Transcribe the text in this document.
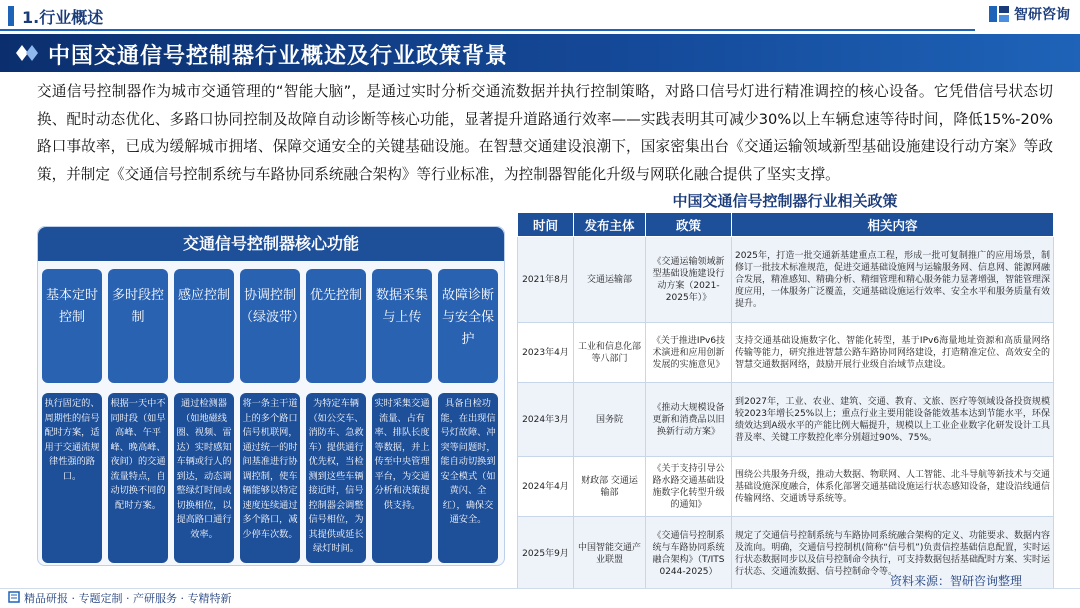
1.行业概述	智研咨询
中国交通信号控制器行业概述及行业政策背景
交通信号控制器作为城市交通管理的“智能大脑”，是通过实时分析交通流数据并执行控制策略，对路口信号灯进行精准调控的核心设备。它凭借信号状态切换、配时动态优化、多路口协同控制及故障自动诊断等核心功能，显著提升道路通行效率——实践表明其可减少30%以上车辆怠速等待时间，降低15%-20%路口事故率，已成为缓解城市拥堵、保障交通安全的关键基础设施。在智慧交通建设浪潮下，国家密集出台《交通运输领域新型基础设施建设行动方案》等政策，并制定《交通信号控制系统与车路协同系统融合架构》等行业标准，为控制器智能化升级与网联化融合提供了坚实支撑。
交通信号控制器核心功能
基本定时控制
执行固定的、周期性的信号配时方案，适用于交通流规律性强的路口。
多时段控制
根据一天中不同时段（如早高峰、午平峰、晚高峰、夜间）的交通流量特点，自动切换不同的配时方案。
感应控制
通过检测器（如地磁线圈、视频、雷达）实时感知车辆或行人的到达，动态调整绿灯时间或切换相位，以提高路口通行效率。
协调控制（绿波带）
将一条主干道上的多个路口信号机联网，通过统一的时间基准进行协调控制，使车辆能够以特定速度连续通过多个路口，减少停车次数。
优先控制
为特定车辆（如公交车、消防车、急救车）提供通行优先权，当检测到这些车辆接近时，信号控制器会调整信号相位，为其提供或延长绿灯时间。
数据采集与上传
实时采集交通流量、占有率、排队长度等数据，并上传至中央管理平台，为交通分析和决策提供支持。
故障诊断与安全保护
具备自检功能，在出现信号灯故障、冲突等问题时，能自动切换到安全模式（如黄闪、全红），确保交通安全。
中国交通信号控制器行业相关政策
时间	发布主体	政策	相关内容
2021年8月	交通运输部	《交通运输领域新型基础设施建设行动方案（2021-2025年）》	2025年，打造一批交通新基建重点工程，形成一批可复制推广的应用场景，制修订一批技术标准规范，促进交通基础设施网与运输服务网、信息网、能源网融合发展，精准感知、精确分析、精细管理和精心服务能力显著增强，智能管理深度应用，一体服务广泛覆盖，交通基础设施运行效率、安全水平和服务质量有效提升。
2023年4月	工业和信息化部等八部门	《关于推进IPv6技术演进和应用创新发展的实施意见》	支持交通基础设施数字化、智能化转型，基于IPv6海量地址资源和高质量网络传输等能力，研究推进智慧公路车路协同网络建设，打造精准定位、高效安全的智慧交通数据网络，鼓励开展行业级自治域节点建设。
2024年3月	国务院	《推动大规模设备更新和消费品以旧换新行动方案》	到2027年，工业、农业、建筑、交通、教育、文旅、医疗等领域设备投资规模较2023年增长25%以上；重点行业主要用能设备能效基本达到节能水平，环保绩效达到A级水平的产能比例大幅提升，规模以上工业企业数字化研发设计工具普及率、关键工序数控化率分别超过90%、75%。
2024年4月	财政部 交通运输部	《关于支持引导公路水路交通基础设施数字化转型升级的通知》	围绕公共服务升级，推动大数据、物联网、人工智能、北斗导航等新技术与交通基础设施深度融合，体系化部署交通基础设施运行状态感知设备，建设沿线通信传输网络、交通诱导系统等。
2025年9月	中国智能交通产业联盟	《交通信号控制系统与车路协同系统融合架构》（T/ITS 0244-2025）	规定了交通信号控制系统与车路协同系统融合架构的定义、功能要求、数据内容及流向。明确，交通信号控制机(简称“信号机”)负责信控基础信息配置，实时运行状态数据同步以及信号控制命令执行，可支持数据包括基础配时方案、实时运行状态、交通流数据、信号控制命令等。
资料来源：智研咨询整理
精品研报 · 专题定制 · 产研服务 · 专精特新
